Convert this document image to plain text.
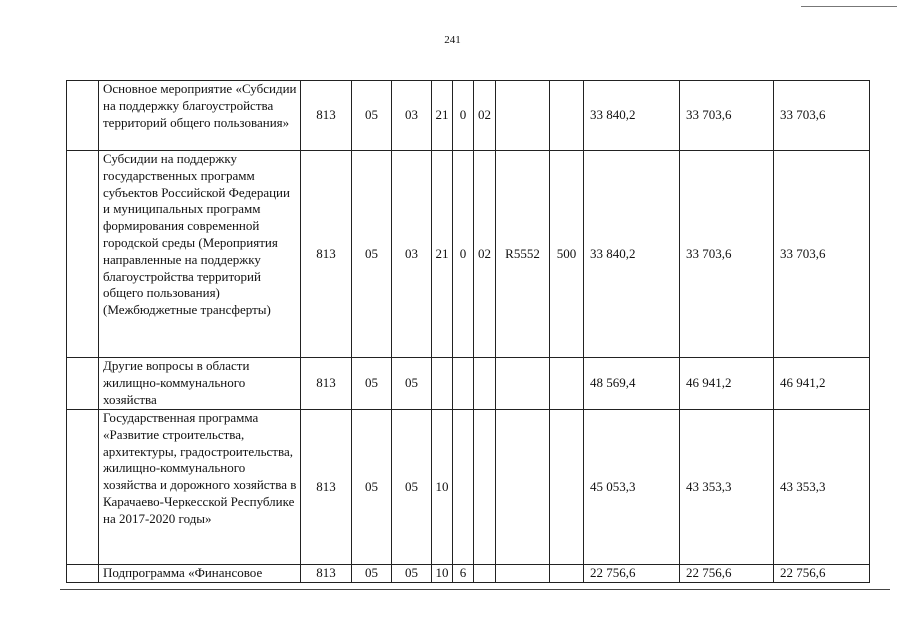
241
	Основное мероприятие «Субсидии на поддержку благоустройства территорий общего пользования»	813	05	03	21	0	02			33 840,2	33 703,6	33 703,6
	Субсидии на поддержку государственных программ субъектов Российской Федерации и муниципальных программ формирования современной городской среды (Мероприятия направленные на поддержку благоустройства территорий общего пользования) (Межбюджетные трансферты)	813	05	03	21	0	02	R5552	500	33 840,2	33 703,6	33 703,6
	Другие вопросы в области жилищно-коммунального хозяйства	813	05	05						48 569,4	46 941,2	46 941,2
	Государственная программа «Развитие строительства, архитектуры, градостроительства, жилищно-коммунального хозяйства и дорожного хозяйства в Карачаево-Черкесской Республике на 2017-2020 годы»	813	05	05	10					45 053,3	43 353,3	43 353,3
	Подпрограмма «Финансовое	813	05	05	10	6				22 756,6	22 756,6	22 756,6
